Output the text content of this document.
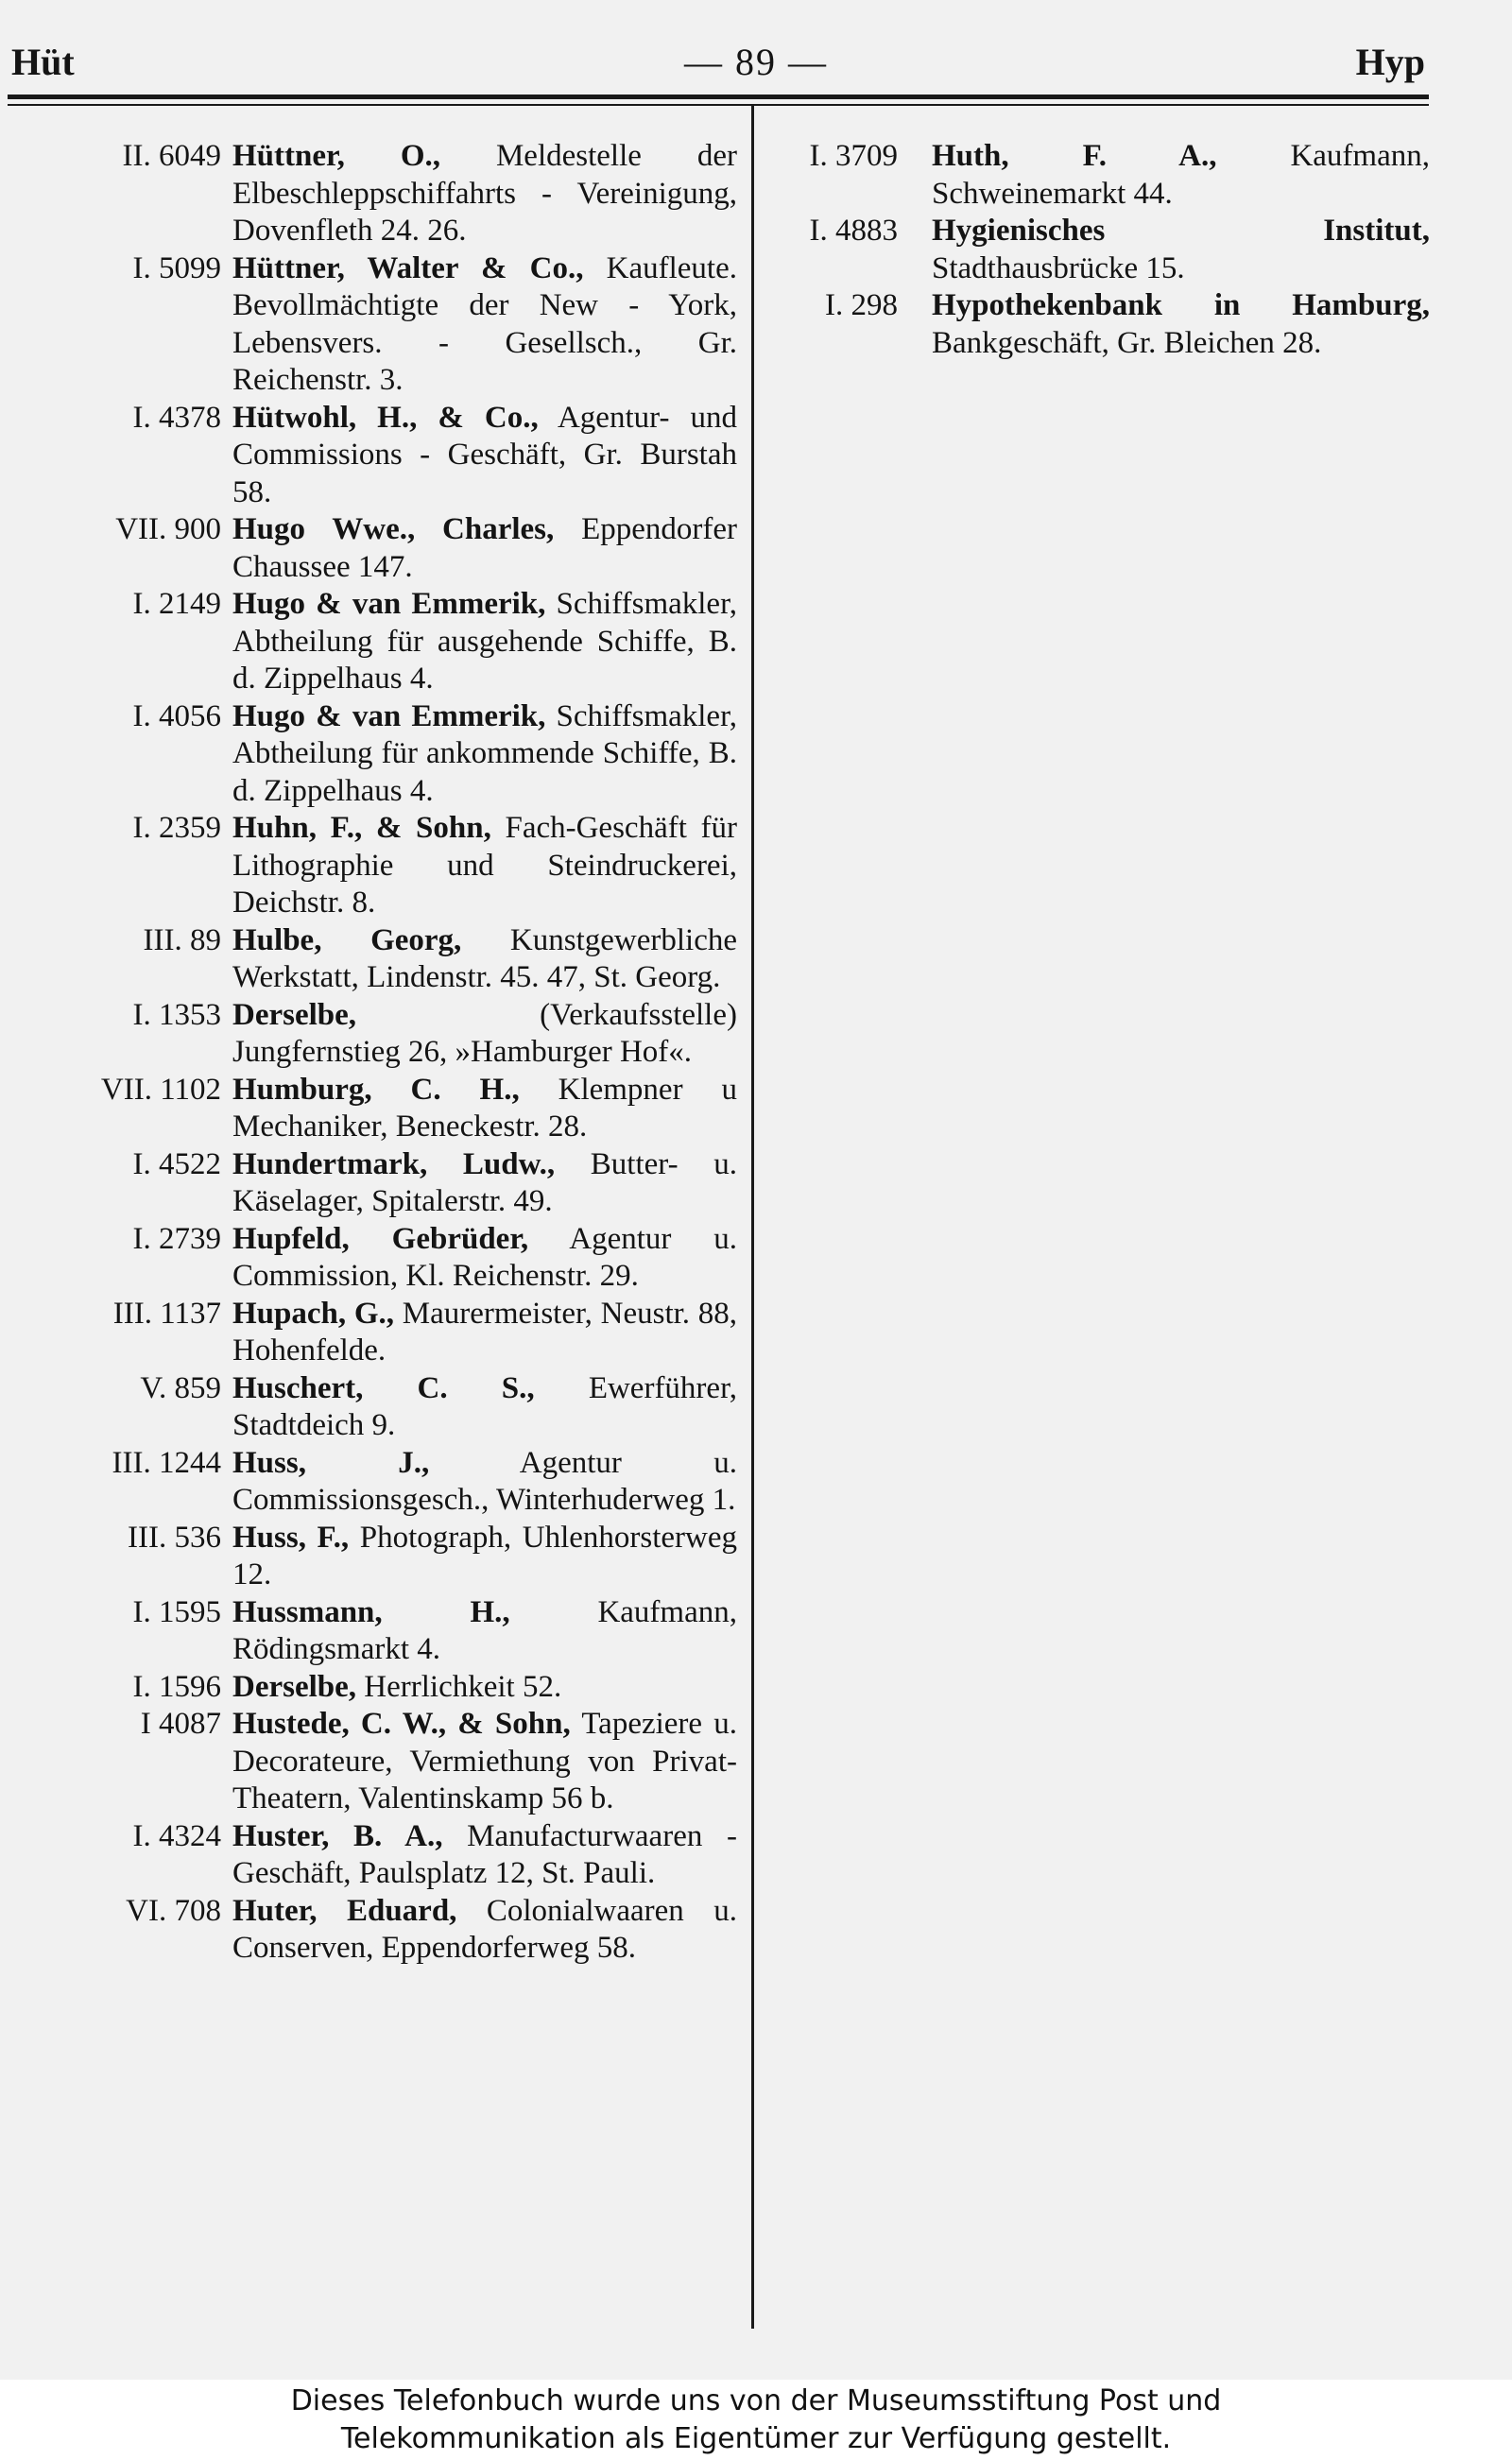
— 89 —
Hüt	Hyp
II. 6049 Hüttner, O., Meldestelle der Elbeschleppschiffahrts - Vereinigung, Dovenfleth 24. 26.
I. 5099 Hüttner, Walter & Co., Kaufleute. Bevollmächtigte der New - York, Lebensvers. - Gesellsch., Gr. Reichenstr. 3.
I. 4378 Hütwohl, H., & Co., Agentur- und Commissions - Geschäft, Gr. Burstah 58.
VII. 900 Hugo Wwe., Charles, Eppendorfer Chaussee 147.
I. 2149 Hugo & van Emmerik, Schiffsmakler, Abtheilung für ausgehende Schiffe, B. d. Zippelhaus 4.
I. 4056 Hugo & van Emmerik, Schiffsmakler, Abtheilung für ankommende Schiffe, B. d. Zippelhaus 4.
I. 2359 Huhn, F., & Sohn, Fach-Geschäft für Lithographie und Steindruckerei, Deichstr. 8.
III. 89 Hulbe, Georg, Kunstgewerbliche Werkstatt, Lindenstr. 45. 47, St. Georg.
I. 1353 Derselbe, (Verkaufsstelle) Jungfernstieg 26, »Hamburger Hof«.
VII. 1102 Humburg, C. H., Klempner u Mechaniker, Beneckestr. 28.
I. 4522 Hundertmark, Ludw., Butter- u. Käselager, Spitalerstr. 49.
I. 2739 Hupfeld, Gebrüder, Agentur u. Commission, Kl. Reichenstr. 29.
III. 1137 Hupach, G., Maurermeister, Neustr. 88, Hohenfelde.
V. 859 Huschert, C. S., Ewerführer, Stadtdeich 9.
III. 1244 Huss, J., Agentur u. Commissionsgesch., Winterhuderweg 1.
III. 536 Huss, F., Photograph, Uhlenhorsterweg 12.
I. 1595 Hussmann, H., Kaufmann, Rödingsmarkt 4.
I. 1596 Derselbe, Herrlichkeit 52.
I 4087 Hustede, C. W., & Sohn, Tapeziere u. Decorateure, Vermiethung von Privat-Theatern, Valentinskamp 56 b.
I. 4324 Huster, B. A., Manufacturwaaren - Geschäft, Paulsplatz 12, St. Pauli.
VI. 708 Huter, Eduard, Colonialwaaren u. Conserven, Eppendorferweg 58.
I. 3709 Huth, F. A., Kaufmann, Schweinemarkt 44.
I. 4883 Hygienisches Institut, Stadthausbrücke 15.
I. 298 Hypothekenbank in Hamburg, Bankgeschäft, Gr. Bleichen 28.
Dieses Telefonbuch wurde uns von der Museumsstiftung Post und
Telekommunikation als Eigentümer zur Verfügung gestellt.
